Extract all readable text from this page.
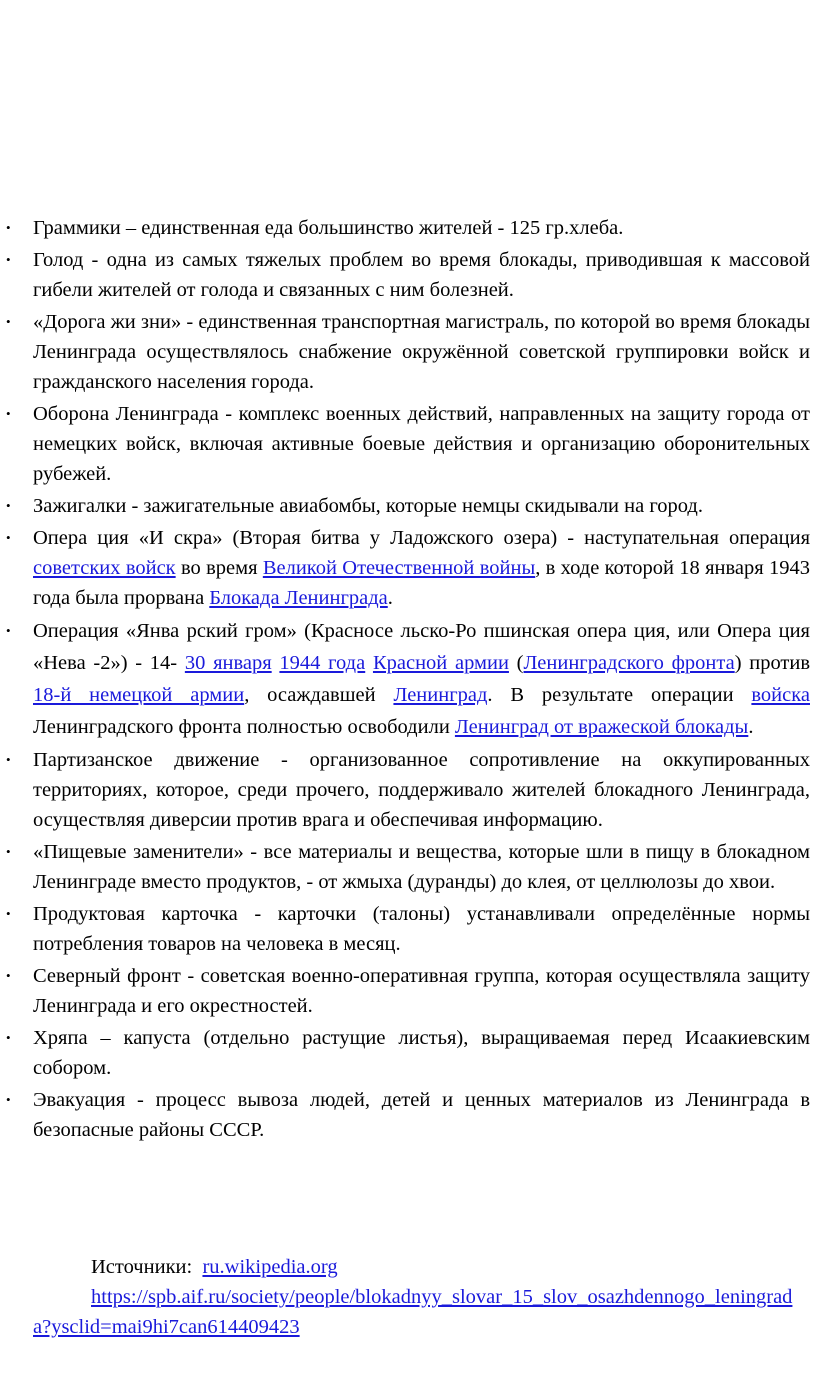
• Граммики – единственная еда большинство жителей - 125 гр.хлеба.
• Голод - одна из самых тяжелых проблем во время блокады, приводившая к массовой гибели жителей от голода и связанных с ним болезней.
• «Дорога жи зни» - единственная транспортная магистраль, по которой во время блокады Ленинграда осуществлялось снабжение окружённой советской группировки войск и гражданского населения города.
• Оборона Ленинграда - комплекс военных действий, направленных на защиту города от немецких войск, включая активные боевые действия и организацию оборонительных рубежей.
• Зажигалки - зажигательные авиабомбы, которые немцы скидывали на город.
• Опера ция «И скра» (Вторая битва у Ладожского озера) - наступательная операция советских войск во время Великой Отечественной войны, в ходе которой 18 января 1943 года была прорвана Блокада Ленинграда.
• Операция «Янва рский гром» (Красносе льско-Ро пшинская опера ция, или Опера ция «Нева -2») - 14- 30 января 1944 года Красной армии (Ленинградского фронта) против 18-й немецкой армии, осаждавшей Ленинград. В результате операции войска Ленинградского фронта полностью освободили Ленинград от вражеской блокады.
• Партизанское движение - организованное сопротивление на оккупированных территориях, которое, среди прочего, поддерживало жителей блокадного Ленинграда, осуществляя диверсии против врага и обеспечивая информацию.
• «Пищевые заменители» - все материалы и вещества, которые шли в пищу в блокадном Ленинграде вместо продуктов, - от жмыха (дуранды) до клея, от целлюлозы до хвои.
• Продуктовая карточка - карточки (талоны) устанавливали определённые нормы потребления товаров на человека в месяц.
• Северный фронт - советская военно-оперативная группа, которая осуществляла защиту Ленинграда и его окрестностей.
• Хряпа – капуста (отдельно растущие листья), выращиваемая перед Исаакиевским собором.
• Эвакуация - процесс вывоза людей, детей и ценных материалов из Ленинграда в безопасные районы СССР.
Источники: ru.wikipedia.org
https://spb.aif.ru/society/people/blokadnyy_slovar_15_slov_osazhdennogo_leningrada?ysclid=mai9hi7can614409423
